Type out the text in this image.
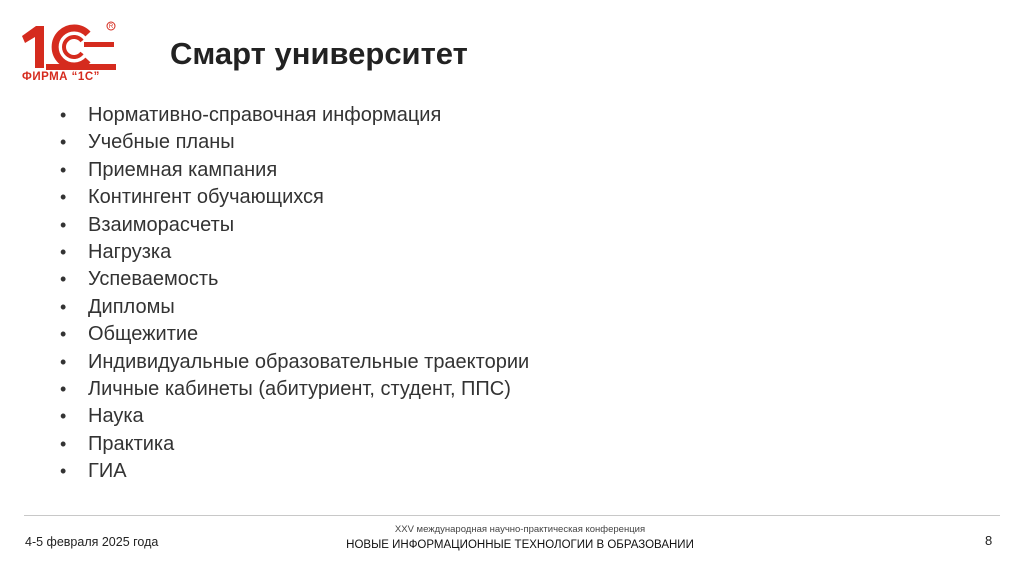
R
ФИРМА “1С”
Смарт университет
• Нормативно-справочная информация
• Учебные планы
• Приемная кампания
• Контингент обучающихся
• Взаиморасчеты
• Нагрузка
• Успеваемость
• Дипломы
• Общежитие
• Индивидуальные образовательные траектории
• Личные кабинеты (абитуриент, студент, ППС)
• Наука
• Практика
• ГИА
4-5 февраля 2025 года
XXV международная научно-практическая конференция
НОВЫЕ ИНФОРМАЦИОННЫЕ ТЕХНОЛОГИИ В ОБРАЗОВАНИИ	8
